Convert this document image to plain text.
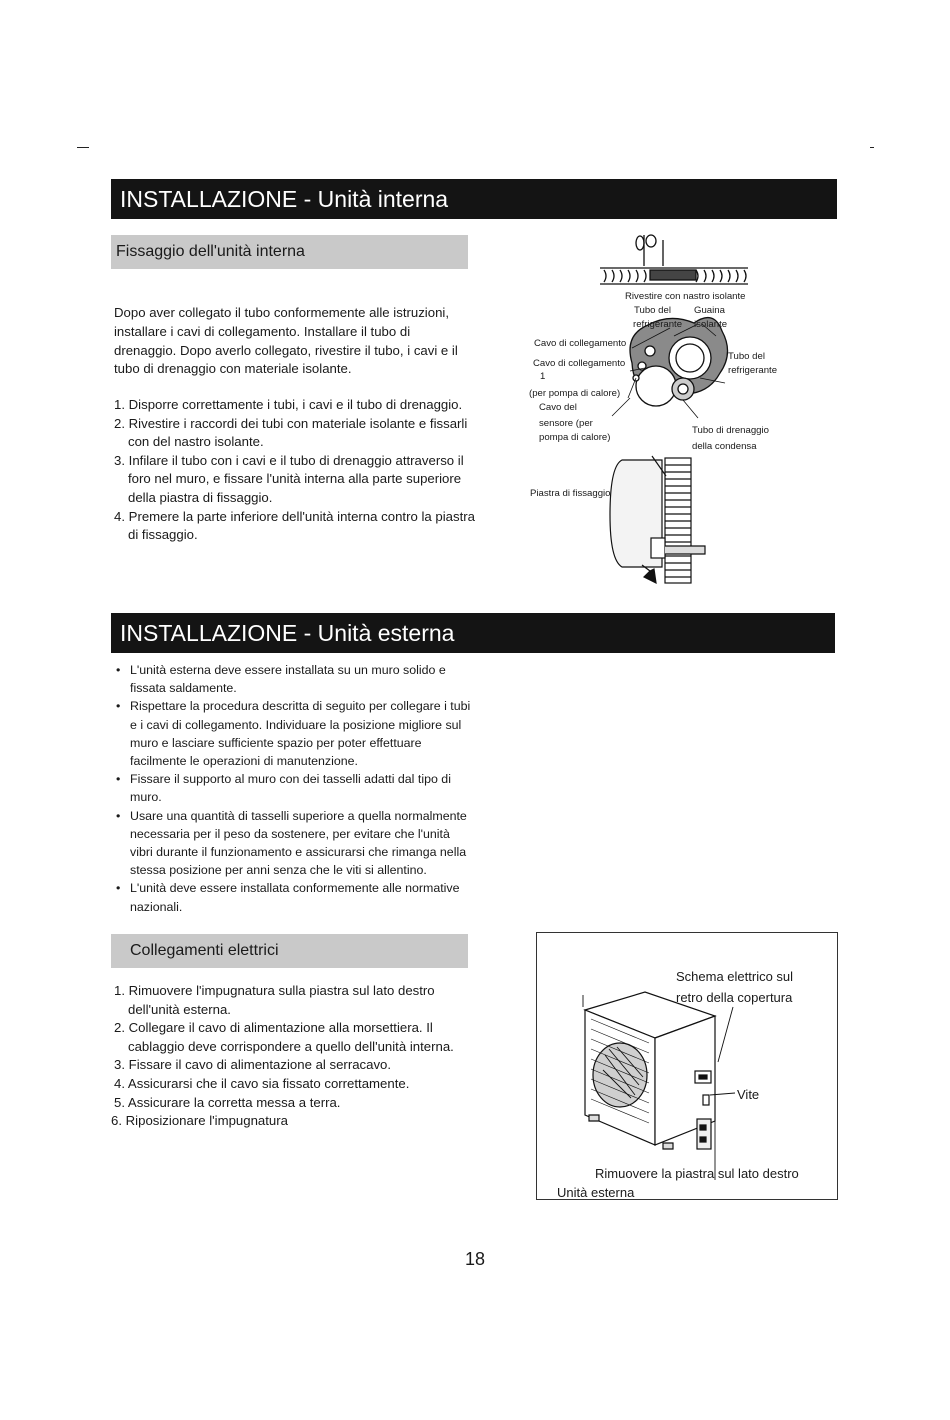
INSTALLAZIONE - Unità interna
Fissaggio dell'unità interna
Dopo aver collegato il tubo conformemente alle istruzioni, installare i cavi di collegamento. Installare il tubo di drenaggio. Dopo averlo collegato, rivestire il tubo, i cavi e il tubo di drenaggio con materiale isolante.
1. Disporre correttamente i tubi, i cavi e il tubo di drenaggio.
2. Rivestire i raccordi dei tubi con materiale isolante e fissarli con del nastro isolante.
3. Infilare il tubo con i cavi e il tubo di drenaggio attraverso il foro nel muro, e fissare l'unità interna alla parte superiore della piastra di fissaggio.
4. Premere la parte inferiore dell'unità interna contro la piastra di fissaggio.
Rivestire con nastro isolante
Tubo del
refrigerante
Guaina
isolante
Cavo di collegamento
Cavo di collegamento
1
(per pompa di calore)
Cavo del
sensore (per
pompa di calore)
Tubo del
refrigerante
Tubo di drenaggio
della condensa
Piastra di fissaggio
INSTALLAZIONE - Unità esterna
• L'unità esterna deve essere installata su un muro solido e fissata saldamente.
• Rispettare la procedura descritta di seguito per collegare i tubi e i cavi di collegamento. Individuare la posizione migliore sul muro e lasciare sufficiente spazio per poter effettuare facilmente le operazioni di manutenzione.
• Fissare il supporto al muro con dei tasselli adatti dal tipo di muro.
• Usare una quantità di tasselli superiore a quella normalmente necessaria per il peso da sostenere, per evitare che l'unità vibri durante il funzionamento e assicurarsi che rimanga nella stessa posizione per anni senza che le viti si allentino.
• L'unità deve essere installata conformemente alle normative nazionali.
Collegamenti elettrici
1. Rimuovere l'impugnatura sulla piastra sul lato destro dell'unità esterna.
2. Collegare il cavo di alimentazione alla morsettiera. Il cablaggio deve corrispondere a quello dell'unità interna.
3. Fissare il cavo di alimentazione al serracavo.
4. Assicurarsi che il cavo sia fissato correttamente.
5. Assicurare la corretta messa a terra.
6. Riposizionare l'impugnatura
Schema elettrico sul
retro della copertura
Vite
Rimuovere la piastra sul lato destro
Unità esterna
18
